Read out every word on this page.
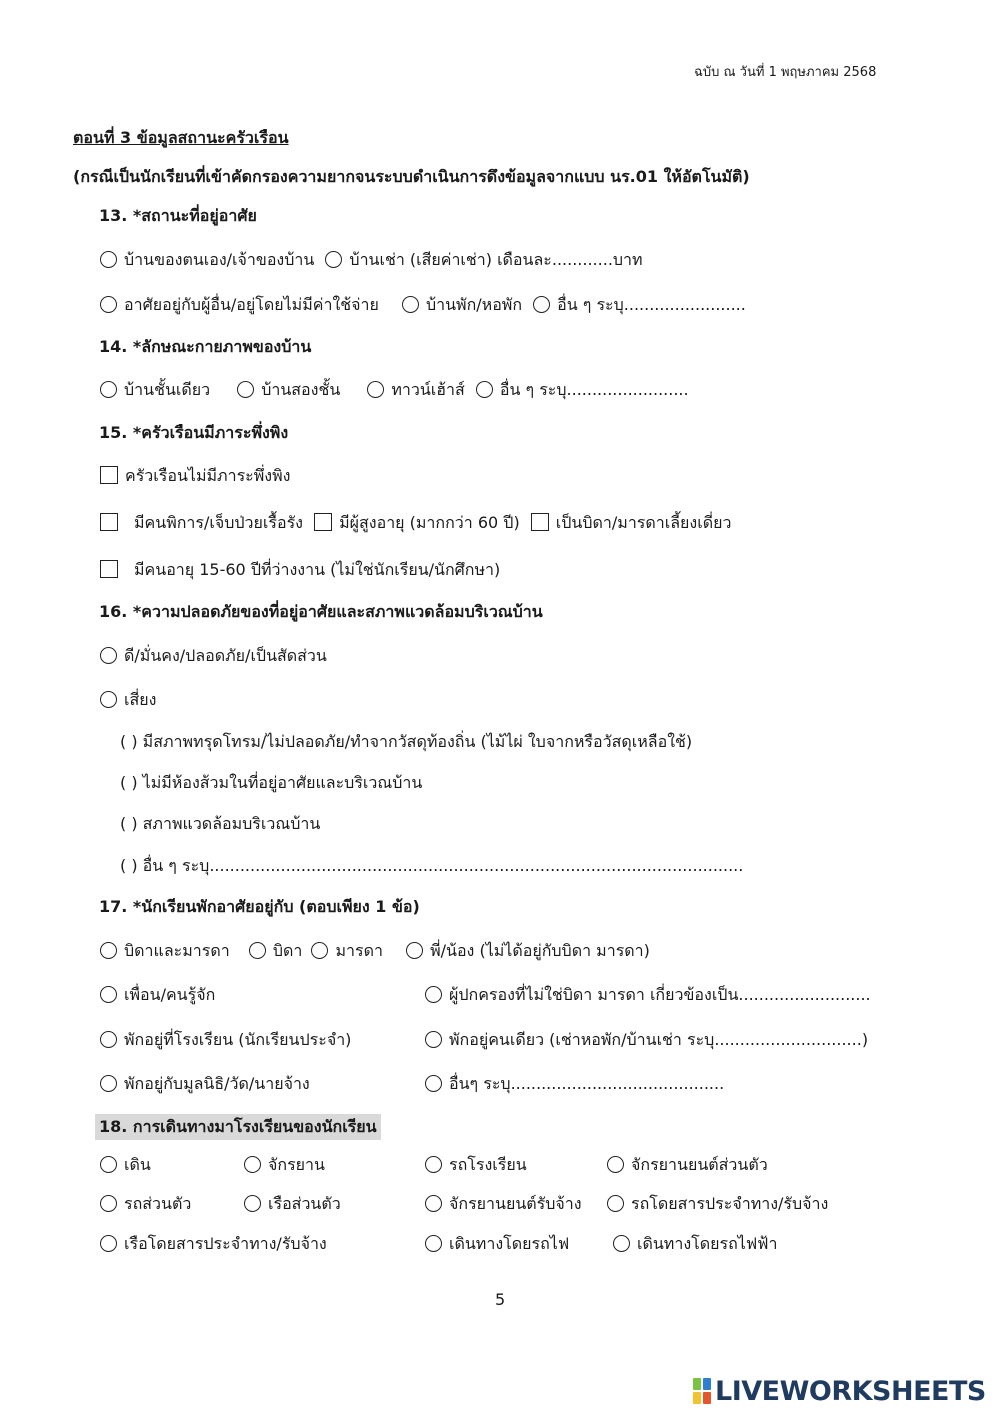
ฉบับ ณ วันที่ 1 พฤษภาคม 2568
ตอนที่ 3 ข้อมูลสถานะครัวเรือน
(กรณีเป็นนักเรียนที่เข้าคัดกรองความยากจนระบบดำเนินการดึงข้อมูลจากแบบ นร.01 ให้อัตโนมัติ)
13. *สถานะที่อยู่อาศัย
บ้านของตนเอง/เจ้าของบ้าน บ้านเช่า (เสียค่าเช่า) เดือนละ............บาท
อาศัยอยู่กับผู้อื่น/อยู่โดยไม่มีค่าใช้จ่าย	บ้านพัก/หอพัก อื่น ๆ ระบุ........................
14. *ลักษณะกายภาพของบ้าน
บ้านชั้นเดียว	บ้านสองชั้น	ทาวน์เฮ้าส์ อื่น ๆ ระบุ........................
15. *ครัวเรือนมีภาระพึ่งพิง
ครัวเรือนไม่มีภาระพึ่งพิง
มีคนพิการ/เจ็บป่วยเรื้อรัง มีผู้สูงอายุ (มากกว่า 60 ปี) เป็นบิดา/มารดาเลี้ยงเดี่ยว
มีคนอายุ 15-60 ปีที่ว่างงาน (ไม่ใช่นักเรียน/นักศึกษา)
16. *ความปลอดภัยของที่อยู่อาศัยและสภาพแวดล้อมบริเวณบ้าน
ดี/มั่นคง/ปลอดภัย/เป็นสัดส่วน
เสี่ยง
( ) มีสภาพทรุดโทรม/ไม่ปลอดภัย/ทำจากวัสดุท้องถิ่น (ไม้ไผ่ ใบจากหรือวัสดุเหลือใช้)
( ) ไม่มีห้องส้วมในที่อยู่อาศัยและบริเวณบ้าน
( ) สภาพแวดล้อมบริเวณบ้าน
( ) อื่น ๆ ระบุ.........................................................................................................
17. *นักเรียนพักอาศัยอยู่กับ (ตอบเพียง 1 ข้อ)
บิดาและมารดา	บิดา มารดา	พี่/น้อง (ไม่ได้อยู่กับบิดา มารดา)
เพื่อน/คนรู้จัก	ผู้ปกครองที่ไม่ใช่บิดา มารดา เกี่ยวข้องเป็น..........................
พักอยู่ที่โรงเรียน (นักเรียนประจำ)	พักอยู่คนเดียว (เช่าหอพัก/บ้านเช่า ระบุ.............................)
พักอยู่กับมูลนิธิ/วัด/นายจ้าง	อื่นๆ ระบุ..........................................
18. การเดินทางมาโรงเรียนของนักเรียน
เดิน	จักรยาน	รถโรงเรียน	จักรยานยนต์ส่วนตัว
รถส่วนตัว	เรือส่วนตัว	จักรยานยนต์รับจ้าง	รถโดยสารประจำทาง/รับจ้าง
เรือโดยสารประจำทาง/รับจ้าง	เดินทางโดยรถไฟ	เดินทางโดยรถไฟฟ้า
5
LIVEWORKSHEETS
